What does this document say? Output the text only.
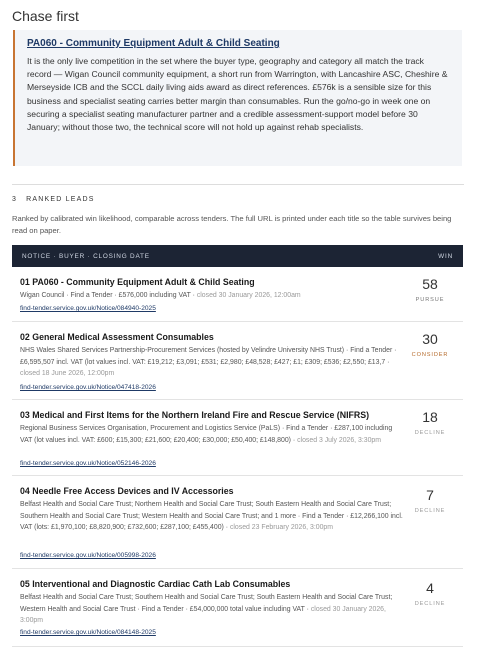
Chase first
PA060 - Community Equipment Adult & Child Seating

It is the only live competition in the set where the buyer type, geography and category all match the track record — Wigan Council community equipment, a short run from Warrington, with Lancashire ASC, Cheshire & Merseyside ICB and the SCCL daily living aids award as direct references. £576k is a sensible size for this business and specialist seating carries better margin than consumables. Run the go/no-go in week one on securing a specialist seating manufacturer partner and a credible assessment-support model before 30 January; without those two, the technical score will not hold up against rehab specialists.

3 RANKED LEADS
Ranked by calibrated win likelihood, comparable across tenders. The full URL is printed under each title so the table survives being read on paper.
NOTICE · BUYER · CLOSING DATE	WIN
01 PA060 - Community Equipment Adult & Child Seating
Wigan Council · Find a Tender · £576,000 including VAT · closed 30 January 2026, 12:00am
find-tender.service.gov.uk/Notice/084940-2025
58
PURSUE
02 General Medical Assessment Consumables
NHS Wales Shared Services Partnership-Procurement Services (hosted by Velindre University NHS Trust) · Find a Tender · £6,595,507 incl. VAT (lot values incl. VAT: £19,212; £3,091; £531; £2,980; £48,528; £427; £1; £309; £536; £2,550; £13,7 · closed 18 June 2026, 12:00pm
find-tender.service.gov.uk/Notice/047418-2026
30
CONSIDER
03 Medical and First Items for the Northern Ireland Fire and Rescue Service (NIFRS)
Regional Business Services Organisation, Procurement and Logistics Service (PaLS) · Find a Tender · £287,100 including VAT (lot values incl. VAT: £600; £15,300; £21,600; £20,400; £30,000; £50,400; £148,800) · closed 3 July 2026, 3:30pm
find-tender.service.gov.uk/Notice/052146-2026
18
DECLINE
04 Needle Free Access Devices and IV Accessories
Belfast Health and Social Care Trust; Northern Health and Social Care Trust; South Eastern Health and Social Care Trust; Southern Health and Social Care Trust; Western Health and Social Care Trust; and 1 more · Find a Tender · £12,266,100 incl. VAT (lots: £1,970,100; £8,820,900; £732,600; £287,100; £455,400) · closed 23 February 2026, 3:00pm
find-tender.service.gov.uk/Notice/005998-2026
7
DECLINE
05 Interventional and Diagnostic Cardiac Cath Lab Consumables
Belfast Health and Social Care Trust; Southern Health and Social Care Trust; South Eastern Health and Social Care Trust; Western Health and Social Care Trust · Find a Tender · £54,000,000 total value including VAT · closed 30 January 2026, 3:00pm
find-tender.service.gov.uk/Notice/084148-2025
4
DECLINE
